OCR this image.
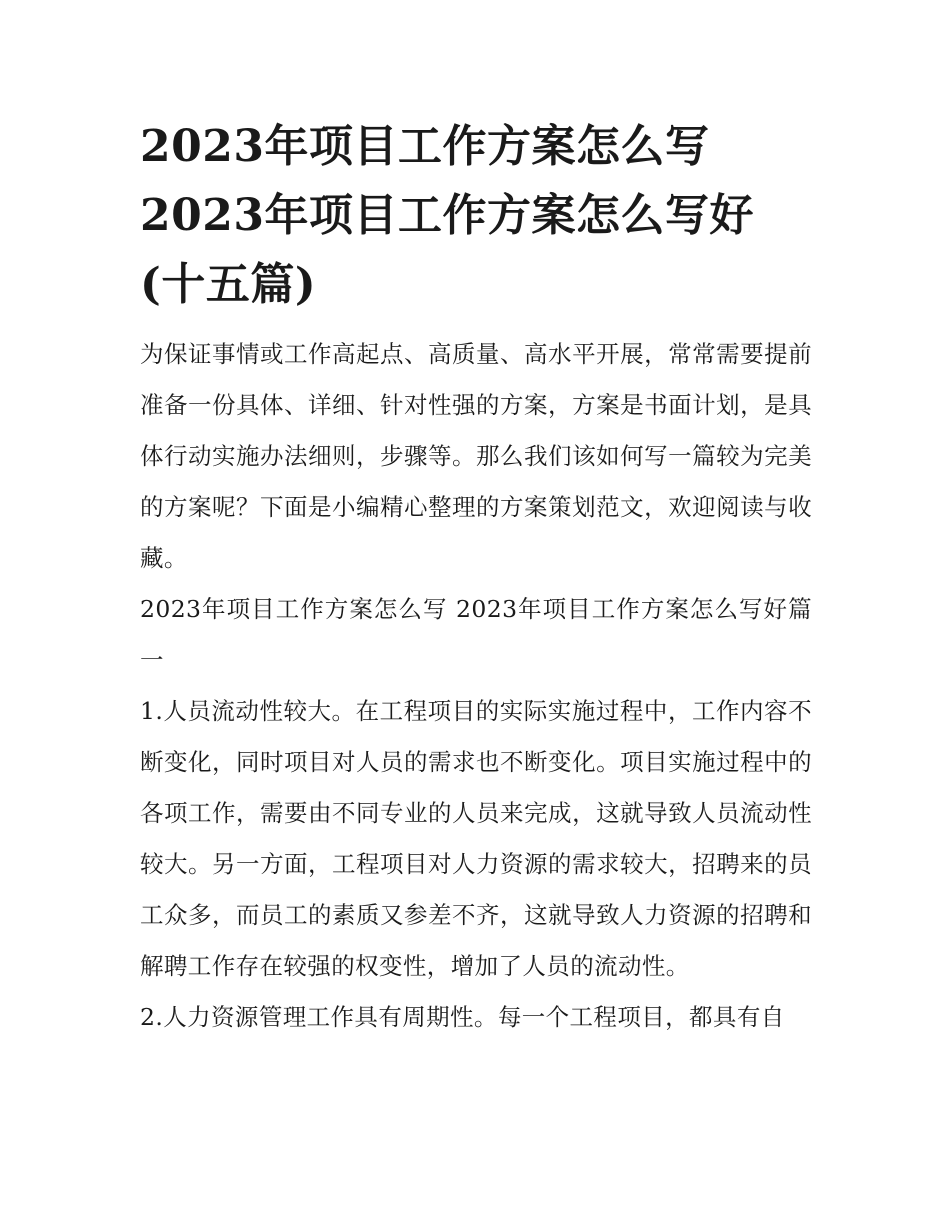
2023年项目工作方案怎么写 2023年项目工作方案怎么写好(十五篇)

为保证事情或工作高起点、高质量、高水平开展，常常需要提前准备一份具体、详细、针对性强的方案，方案是书面计划，是具体行动实施办法细则，步骤等。那么我们该如何写一篇较为完美的方案呢？下面是小编精心整理的方案策划范文，欢迎阅读与收藏。

2023年项目工作方案怎么写 2023年项目工作方案怎么写好篇一

1.人员流动性较大。在工程项目的实际实施过程中，工作内容不断变化，同时项目对人员的需求也不断变化。项目实施过程中的各项工作，需要由不同专业的人员来完成，这就导致人员流动性较大。另一方面，工程项目对人力资源的需求较大，招聘来的员工众多，而员工的素质又参差不齐，这就导致人力资源的招聘和解聘工作存在较强的权变性，增加了人员的流动性。

2.人力资源管理工作具有周期性。每一个工程项目，都具有自
